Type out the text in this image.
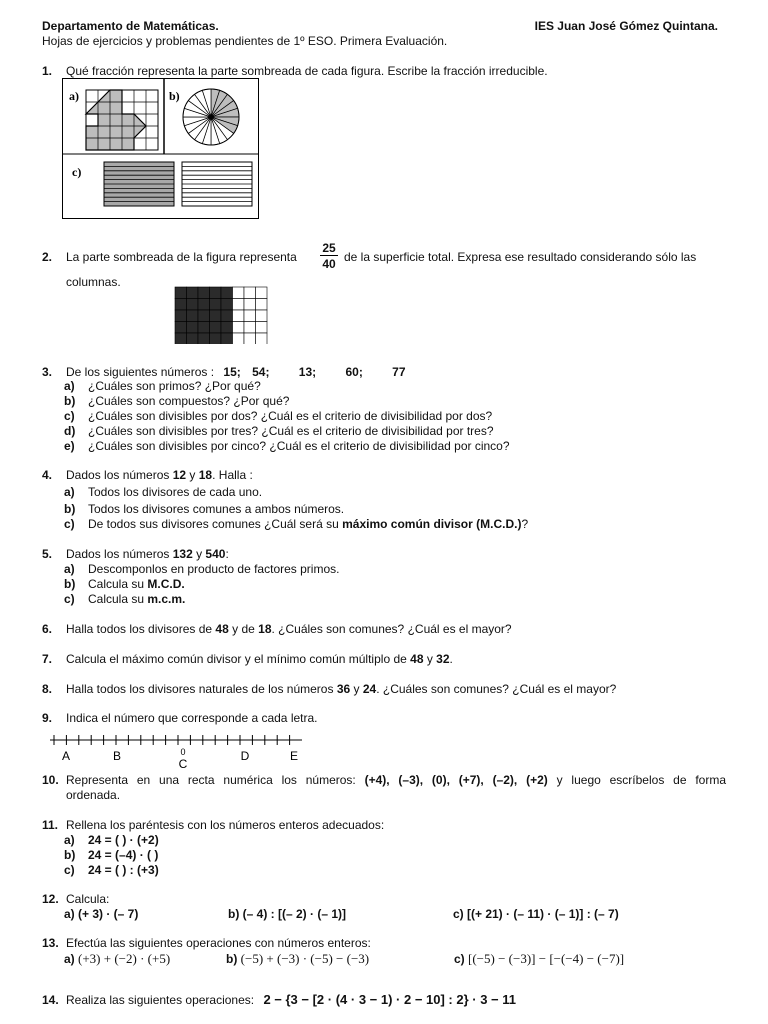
Departamento de Matemáticas.	IES Juan José Gómez Quintana.
Hojas de ejercicios y problemas pendientes de 1º ESO. Primera Evaluación.
1. Qué fracción representa la parte sombreada de cada figura. Escribe la fracción irreducible.
a)	b)
c)
2. La parte sombreada de la figura representa
25
40 de la superficie total. Expresa ese resultado considerando sólo las
columnas.
3. De los siguientes números : 15; 54; 13; 60; 77
a) ¿Cuáles son primos? ¿Por qué?
b) ¿Cuáles son compuestos? ¿Por qué?
c) ¿Cuáles son divisibles por dos? ¿Cuál es el criterio de divisibilidad por dos?
d) ¿Cuáles son divisibles por tres? ¿Cuál es el criterio de divisibilidad por tres?
e) ¿Cuáles son divisibles por cinco? ¿Cuál es el criterio de divisibilidad por cinco?
4. Dados los números 12 y 18. Halla :
a) Todos los divisores de cada uno.
b) Todos los divisores comunes a ambos números.
c) De todos sus divisores comunes ¿Cuál será su máximo común divisor (M.C.D.)?
5. Dados los números 132 y 540:
a) Descomponlos en producto de factores primos.
b) Calcula su M.C.D.
c) Calcula su m.c.m.
6. Halla todos los divisores de 48 y de 18. ¿Cuáles son comunes? ¿Cuál es el mayor?
7. Calcula el máximo común divisor y el mínimo común múltiplo de 48 y 32.
8. Halla todos los divisores naturales de los números 36 y 24. ¿Cuáles son comunes? ¿Cuál es el mayor?
9. Indica el número que corresponde a cada letra.
A	B	0
C
D	E
10. Representa en una recta numérica los números: (+4), (–3), (0), (+7), (–2), (+2) y luego escríbelos de forma
ordenada.
11. Rellena los paréntesis con los números enteros adecuados:
a) 24 = ( ) · (+2)
b) 24 = (–4) · ( )
c) 24 = ( ) : (+3)
12. Calcula:
a) (+ 3) · (– 7)	b) (– 4) : [(– 2) · (– 1)]	c) [(+ 21) · (– 11) · (– 1)] : (– 7)
13. Efectúa las siguientes operaciones con números enteros:
a) (+3) + (−2) · (+5)	b) (−5) + (−3) · (−5) − (−3)	c) [(−5) − (−3)] − [−(−4) − (−7)]
14. Realiza las siguientes operaciones: 2 − {3 − [2 · (4 · 3 − 1) · 2 − 10] : 2} · 3 − 11
